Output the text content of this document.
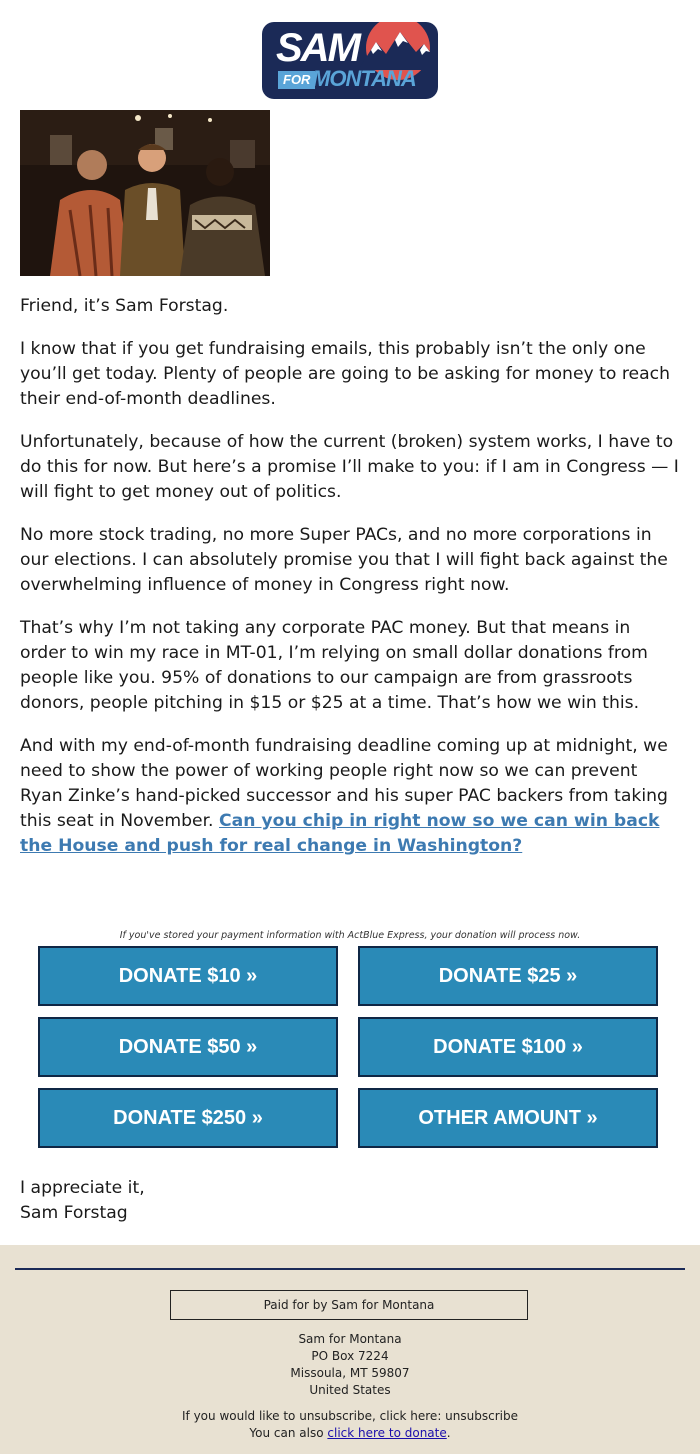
SAM
FOR MONTANA

Friend, it’s Sam Forstag.

I know that if you get fundraising emails, this probably isn’t the only one you’ll get today. Plenty of people are going to be asking for money to reach their end-of-month deadlines.

Unfortunately, because of how the current (broken) system works, I have to do this for now. But here’s a promise I’ll make to you: if I am in Congress — I will fight to get money out of politics.

No more stock trading, no more Super PACs, and no more corporations in our elections. I can absolutely promise you that I will fight back against the overwhelming influence of money in Congress right now.

That’s why I’m not taking any corporate PAC money. But that means in order to win my race in MT-01, I’m relying on small dollar donations from people like you. 95% of donations to our campaign are from grassroots donors, people pitching in $15 or $25 at a time. That’s how we win this.

And with my end-of-month fundraising deadline coming up at midnight, we need to show the power of working people right now so we can prevent Ryan Zinke’s hand-picked successor and his super PAC backers from taking this seat in November. Can you chip in right now so we can win back the House and push for real change in Washington?

If you've stored your payment information with ActBlue Express, your donation will process now.
DONATE $10 »	DONATE $25 »
DONATE $50 »	DONATE $100 »
DONATE $250 »	OTHER AMOUNT »
I appreciate it,
Sam Forstag
Paid for by Sam for Montana
Sam for Montana
PO Box 7224
Missoula, MT 59807
United States
If you would like to unsubscribe, click here: unsubscribe
You can also click here to donate.
